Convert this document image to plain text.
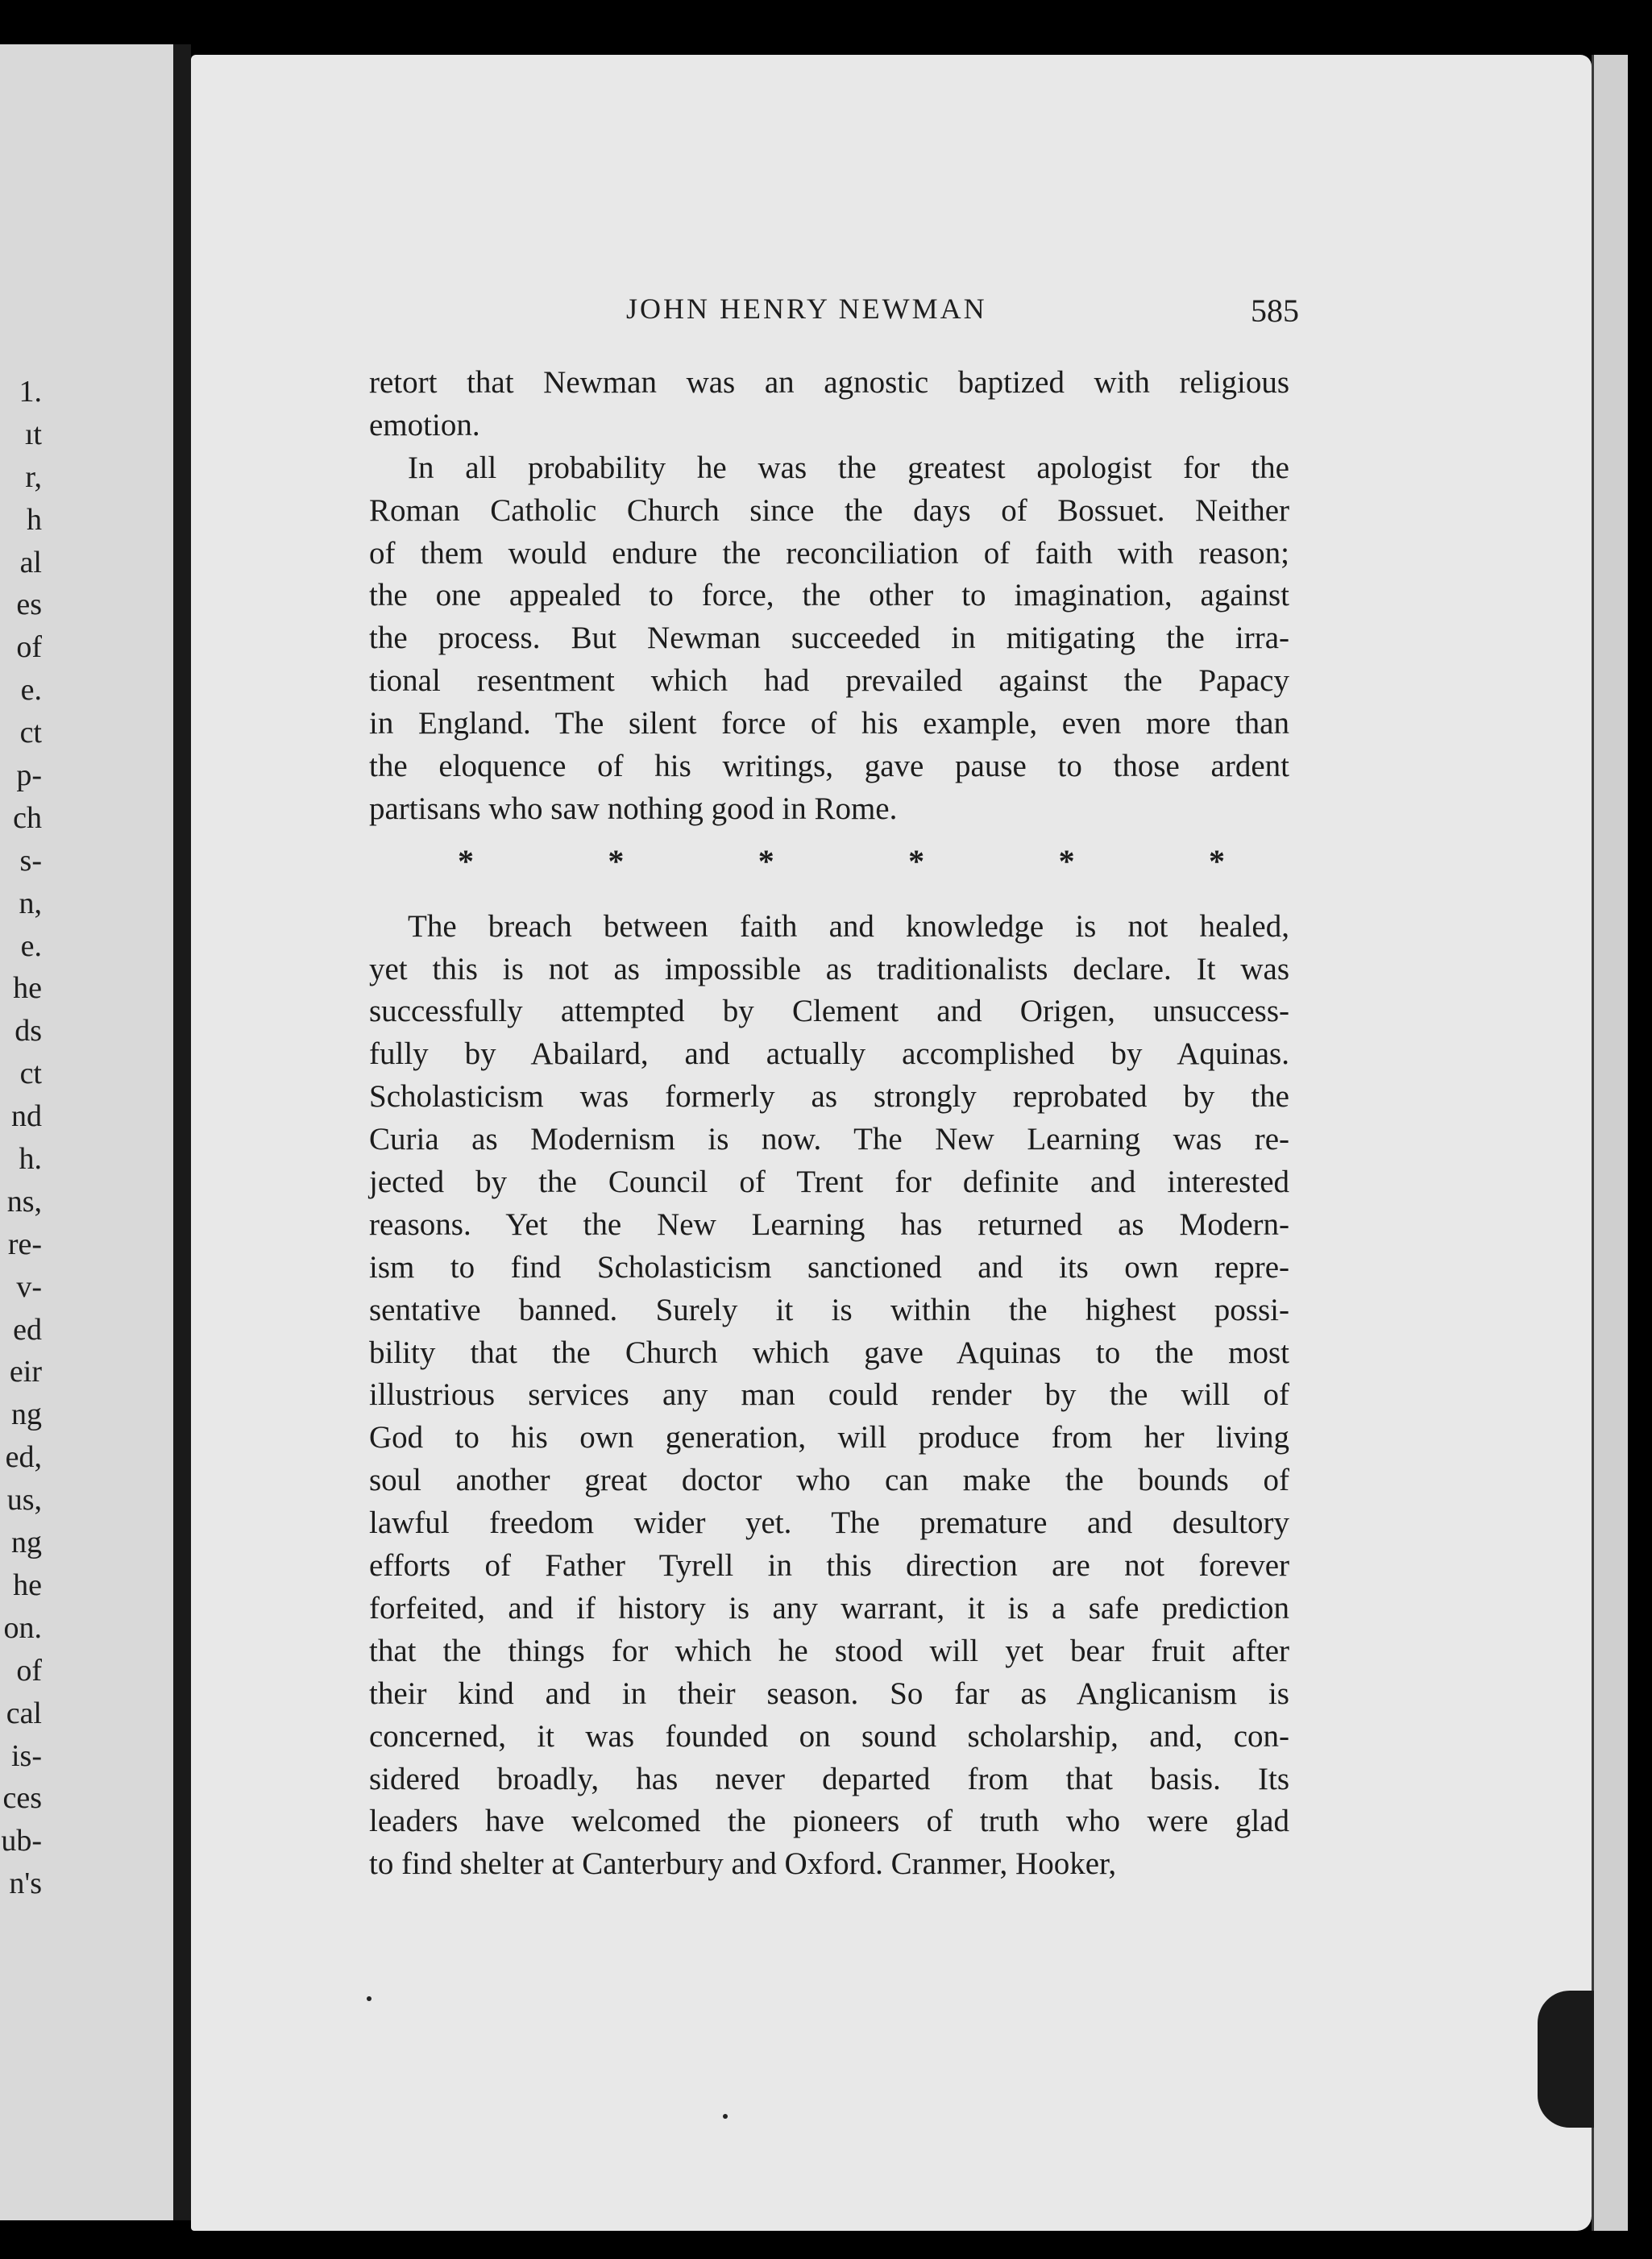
1.
ıt
r,
h
al
es
of
e.
ct
p-
ch
s-
n,
e.
he
ds
ct
nd
h.
ns,
re-
v-
ed
eir
ng
ed,
us,
ng
he
on.
of
cal
is-
ces
ub-
n's
JOHN HENRY NEWMAN	585
retort that Newman was an agnostic baptized with religious
emotion.
In all probability he was the greatest apologist for the
Roman Catholic Church since the days of Bossuet. Neither
of them would endure the reconciliation of faith with reason;
the one appealed to force, the other to imagination, against
the process. But Newman succeeded in mitigating the irra-
tional resentment which had prevailed against the Papacy
in England. The silent force of his example, even more than
the eloquence of his writings, gave pause to those ardent
partisans who saw nothing good in Rome.
*	*	*	*	*	*
The breach between faith and knowledge is not healed,
yet this is not as impossible as traditionalists declare. It was
successfully attempted by Clement and Origen, unsuccess-
fully by Abailard, and actually accomplished by Aquinas.
Scholasticism was formerly as strongly reprobated by the
Curia as Modernism is now. The New Learning was re-
jected by the Council of Trent for definite and interested
reasons. Yet the New Learning has returned as Modern-
ism to find Scholasticism sanctioned and its own repre-
sentative banned. Surely it is within the highest possi-
bility that the Church which gave Aquinas to the most
illustrious services any man could render by the will of
God to his own generation, will produce from her living
soul another great doctor who can make the bounds of
lawful freedom wider yet. The premature and desultory
efforts of Father Tyrell in this direction are not forever
forfeited, and if history is any warrant, it is a safe prediction
that the things for which he stood will yet bear fruit after
their kind and in their season. So far as Anglicanism is
concerned, it was founded on sound scholarship, and, con-
sidered broadly, has never departed from that basis. Its
leaders have welcomed the pioneers of truth who were glad
to find shelter at Canterbury and Oxford. Cranmer, Hooker,
